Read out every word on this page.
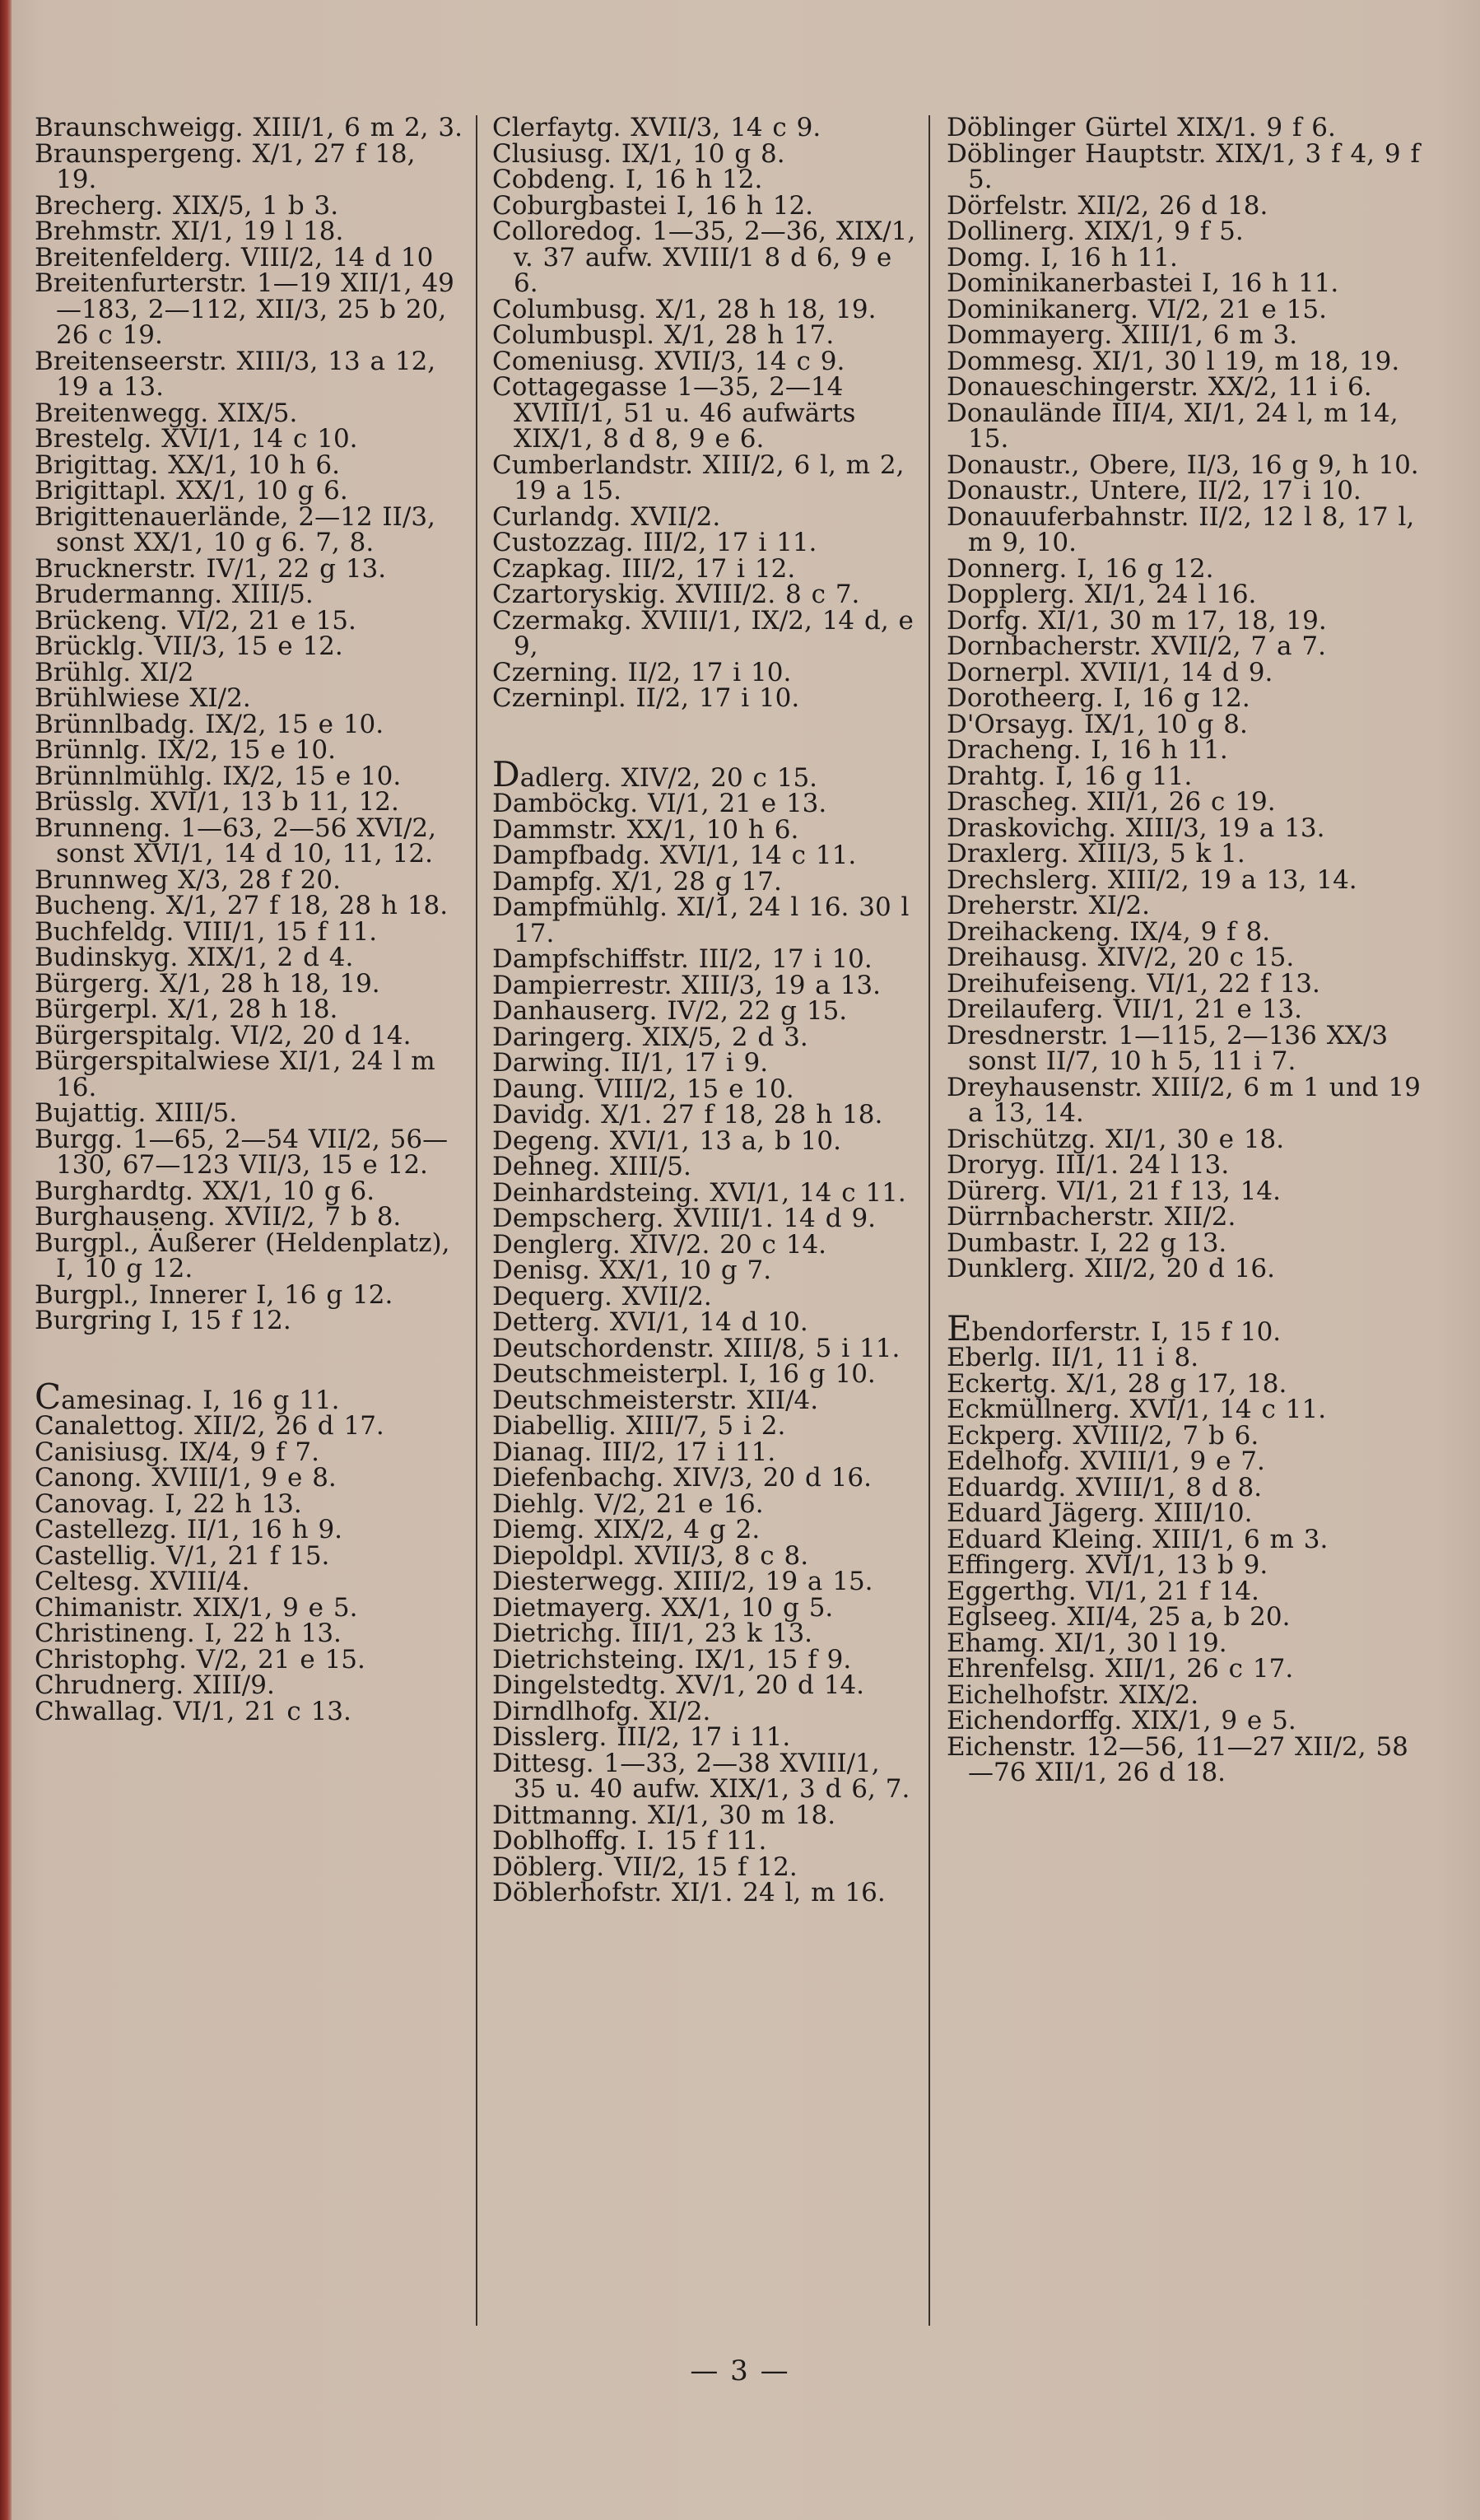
Braunschweigg. XIII/1, 6 m 2, 3.
Braunspergeng. X/1, 27 f 18, 19.
Brecherg. XIX/5, 1 b 3.
Brehmstr. XI/1, 19 l 18.
Breitenfelderg. VIII/2, 14 d 10
Breitenfurterstr. 1—19 XII/1, 49—183, 2—112, XII/3, 25 b 20, 26 c 19.
Breitenseerstr. XIII/3, 13 a 12, 19 a 13.
Breitenwegg. XIX/5.
Brestelg. XVI/1, 14 c 10.
Brigittag. XX/1, 10 h 6.
Brigittapl. XX/1, 10 g 6.
Brigittenauerlände, 2—12 II/3, sonst XX/1, 10 g 6. 7, 8.
Brucknerstr. IV/1, 22 g 13.
Brudermanng. XIII/5.
Brückeng. VI/2, 21 e 15.
Brücklg. VII/3, 15 e 12.
Brühlg. XI/2
Brühlwiese XI/2.
Brünnlbadg. IX/2, 15 e 10.
Brünnlg. IX/2, 15 e 10.
Brünnlmühlg. IX/2, 15 e 10.
Brüsslg. XVI/1, 13 b 11, 12.
Brunneng. 1—63, 2—56 XVI/2, sonst XVI/1, 14 d 10, 11, 12.
Brunnweg X/3, 28 f 20.
Bucheng. X/1, 27 f 18, 28 h 18.
Buchfeldg. VIII/1, 15 f 11.
Budinskyg. XIX/1, 2 d 4.
Bürgerg. X/1, 28 h 18, 19.
Bürgerpl. X/1, 28 h 18.
Bürgerspitalg. VI/2, 20 d 14.
Bürgerspitalwiese XI/1, 24 l m 16.
Bujattig. XIII/5.
Burgg. 1—65, 2—54 VII/2, 56—130, 67—123 VII/3, 15 e 12.
Burghardtg. XX/1, 10 g 6.
Burghauseng. XVII/2, 7 b 8.
Burgpl., Äußerer (Heldenplatz), I, 10 g 12.
Burgpl., Innerer I, 16 g 12.
Burgring I, 15 f 12.
Camesinag. I, 16 g 11.
Canalettog. XII/2, 26 d 17.
Canisiusg. IX/4, 9 f 7.
Canong. XVIII/1, 9 e 8.
Canovag. I, 22 h 13.
Castellezg. II/1, 16 h 9.
Castellig. V/1, 21 f 15.
Celtesg. XVIII/4.
Chimanistr. XIX/1, 9 e 5.
Christineng. I, 22 h 13.
Christophg. V/2, 21 e 15.
Chrudnerg. XIII/9.
Chwallag. VI/1, 21 c 13.
Clerfaytg. XVII/3, 14 c 9.
Clusiusg. IX/1, 10 g 8.
Cobdeng. I, 16 h 12.
Coburgbastei I, 16 h 12.
Colloredog. 1—35, 2—36, XIX/1, v. 37 aufw. XVIII/1 8 d 6, 9 e 6.
Columbusg. X/1, 28 h 18, 19.
Columbuspl. X/1, 28 h 17.
Comeniusg. XVII/3, 14 c 9.
Cottagegasse 1—35, 2—14 XVIII/1, 51 u. 46 aufwärts XIX/1, 8 d 8, 9 e 6.
Cumberlandstr. XIII/2, 6 l, m 2, 19 a 15.
Curlandg. XVII/2.
Custozzag. III/2, 17 i 11.
Czapkag. III/2, 17 i 12.
Czartoryskig. XVIII/2. 8 c 7.
Czermakg. XVIII/1, IX/2, 14 d, e 9,
Czerning. II/2, 17 i 10.
Czerninpl. II/2, 17 i 10.
Dadlerg. XIV/2, 20 c 15.
Damböckg. VI/1, 21 e 13.
Dammstr. XX/1, 10 h 6.
Dampfbadg. XVI/1, 14 c 11.
Dampfg. X/1, 28 g 17.
Dampfmühlg. XI/1, 24 l 16. 30 l 17.
Dampfschiffstr. III/2, 17 i 10.
Dampierrestr. XIII/3, 19 a 13.
Danhauserg. IV/2, 22 g 15.
Daringerg. XIX/5, 2 d 3.
Darwing. II/1, 17 i 9.
Daung. VIII/2, 15 e 10.
Davidg. X/1. 27 f 18, 28 h 18.
Degeng. XVI/1, 13 a, b 10.
Dehneg. XIII/5.
Deinhardsteing. XVI/1, 14 c 11.
Dempscherg. XVIII/1. 14 d 9.
Denglerg. XIV/2. 20 c 14.
Denisg. XX/1, 10 g 7.
Dequerg. XVII/2.
Detterg. XVI/1, 14 d 10.
Deutschordenstr. XIII/8, 5 i 11.
Deutschmeisterpl. I, 16 g 10.
Deutschmeisterstr. XII/4.
Diabellig. XIII/7, 5 i 2.
Dianag. III/2, 17 i 11.
Diefenbachg. XIV/3, 20 d 16.
Diehlg. V/2, 21 e 16.
Diemg. XIX/2, 4 g 2.
Diepoldpl. XVII/3, 8 c 8.
Diesterwegg. XIII/2, 19 a 15.
Dietmayerg. XX/1, 10 g 5.
Dietrichg. III/1, 23 k 13.
Dietrichsteing. IX/1, 15 f 9.
Dingelstedtg. XV/1, 20 d 14.
Dirndlhofg. XI/2.
Disslerg. III/2, 17 i 11.
Dittesg. 1—33, 2—38 XVIII/1, 35 u. 40 aufw. XIX/1, 3 d 6, 7.
Dittmanng. XI/1, 30 m 18.
Doblhoffg. I. 15 f 11.
Döblerg. VII/2, 15 f 12.
Döblerhofstr. XI/1. 24 l, m 16.
Döblinger Gürtel XIX/1. 9 f 6.
Döblinger Hauptstr. XIX/1, 3 f 4, 9 f 5.
Dörfelstr. XII/2, 26 d 18.
Dollinerg. XIX/1, 9 f 5.
Domg. I, 16 h 11.
Dominikanerbastei I, 16 h 11.
Dominikanerg. VI/2, 21 e 15.
Dommayerg. XIII/1, 6 m 3.
Dommesg. XI/1, 30 l 19, m 18, 19.
Donaueschingerstr. XX/2, 11 i 6.
Donaulände III/4, XI/1, 24 l, m 14, 15.
Donaustr., Obere, II/3, 16 g 9, h 10.
Donaustr., Untere, II/2, 17 i 10.
Donauuferbahnstr. II/2, 12 l 8, 17 l, m 9, 10.
Donnerg. I, 16 g 12.
Dopplerg. XI/1, 24 l 16.
Dorfg. XI/1, 30 m 17, 18, 19.
Dornbacherstr. XVII/2, 7 a 7.
Dornerpl. XVII/1, 14 d 9.
Dorotheerg. I, 16 g 12.
D'Orsayg. IX/1, 10 g 8.
Dracheng. I, 16 h 11.
Drahtg. I, 16 g 11.
Drascheg. XII/1, 26 c 19.
Draskovichg. XIII/3, 19 a 13.
Draxlerg. XIII/3, 5 k 1.
Drechslerg. XIII/2, 19 a 13, 14.
Dreherstr. XI/2.
Dreihackeng. IX/4, 9 f 8.
Dreihausg. XIV/2, 20 c 15.
Dreihufeiseng. VI/1, 22 f 13.
Dreilauferg. VII/1, 21 e 13.
Dresdnerstr. 1—115, 2—136 XX/3 sonst II/7, 10 h 5, 11 i 7.
Dreyhausenstr. XIII/2, 6 m 1 und 19 a 13, 14.
Drischützg. XI/1, 30 e 18.
Droryg. III/1. 24 l 13.
Dürerg. VI/1, 21 f 13, 14.
Dürrnbacherstr. XII/2.
Dumbastr. I, 22 g 13.
Dunklerg. XII/2, 20 d 16.
Ebendorferstr. I, 15 f 10.
Eberlg. II/1, 11 i 8.
Eckertg. X/1, 28 g 17, 18.
Eckmüllnerg. XVI/1, 14 c 11.
Eckperg. XVIII/2, 7 b 6.
Edelhofg. XVIII/1, 9 e 7.
Eduardg. XVIII/1, 8 d 8.
Eduard Jägerg. XIII/10.
Eduard Kleing. XIII/1, 6 m 3.
Effingerg. XVI/1, 13 b 9.
Eggerthg. VI/1, 21 f 14.
Eglseeg. XII/4, 25 a, b 20.
Ehamg. XI/1, 30 l 19.
Ehrenfelsg. XII/1, 26 c 17.
Eichelhofstr. XIX/2.
Eichendorffg. XIX/1, 9 e 5.
Eichenstr. 12—56, 11—27 XII/2, 58—76 XII/1, 26 d 18.
— 3 —
